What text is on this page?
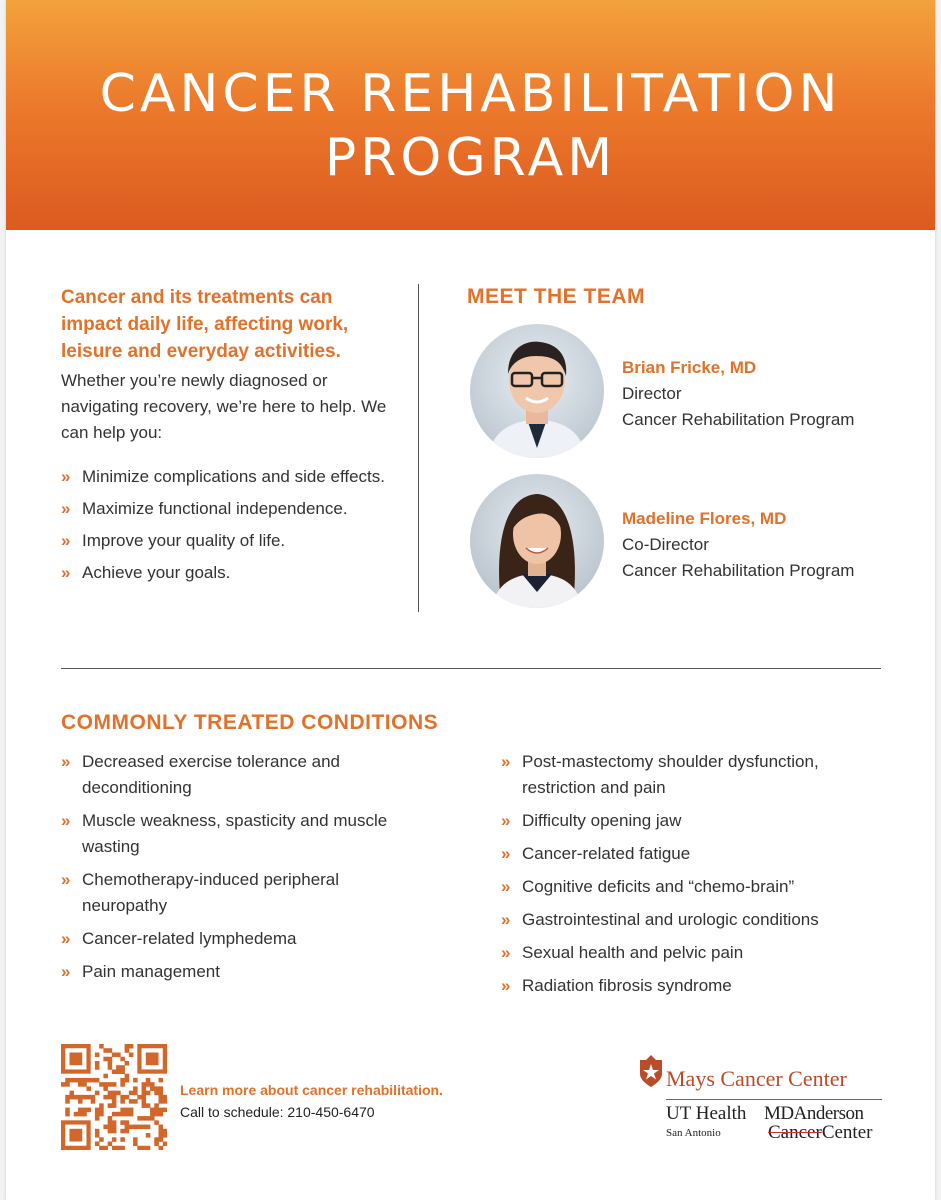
CANCER REHABILITATION
PROGRAM
Cancer and its treatments can impact daily life, affecting work, leisure and everyday activities.
Whether you’re newly diagnosed or navigating recovery, we’re here to help. We can help you:
» Minimize complications and side effects.
» Maximize functional independence.
» Improve your quality of life.
» Achieve your goals.
MEET THE TEAM
Brian Fricke, MD
Director
Cancer Rehabilitation Program
Madeline Flores, MD
Co-Director
Cancer Rehabilitation Program
COMMONLY TREATED CONDITIONS
» Decreased exercise tolerance and deconditioning
» Muscle weakness, spasticity and muscle wasting
» Chemotherapy-induced peripheral neuropathy
» Cancer-related lymphedema
» Pain management
» Post-mastectomy shoulder dysfunction, restriction and pain
» Difficulty opening jaw
» Cancer-related fatigue
» Cognitive deficits and “chemo-brain”
» Gastrointestinal and urologic conditions
» Sexual health and pelvic pain
» Radiation fibrosis syndrome
Learn more about cancer rehabilitation.
Call to schedule: 210-450-6470
Mays Cancer Center
UT Health
San Antonio
MDAnderson
CancerCenter
